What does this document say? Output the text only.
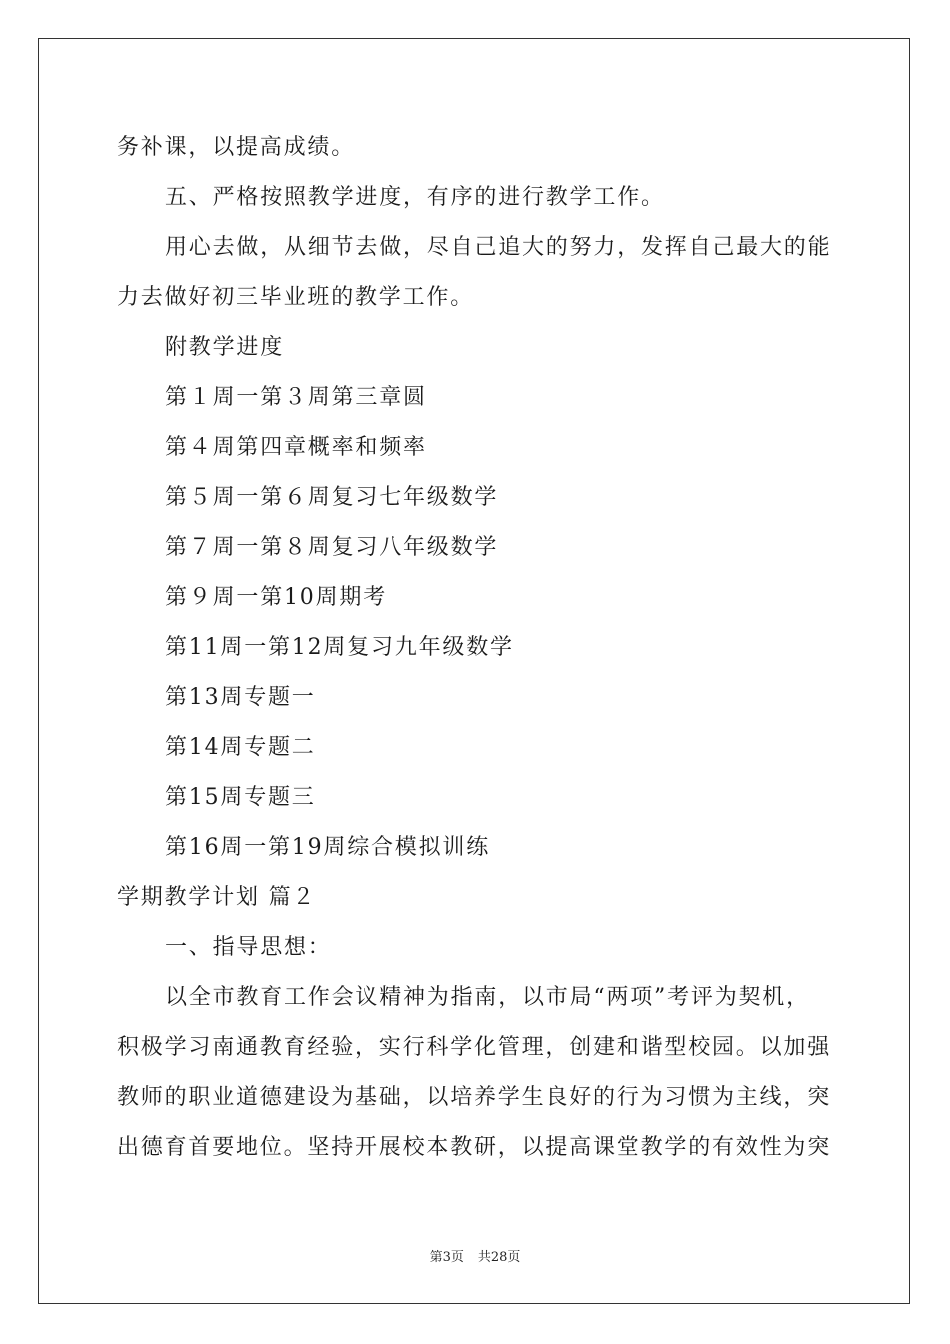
务补课，以提高成绩。
五、严格按照教学进度，有序的进行教学工作。
用心去做，从细节去做，尽自己追大的努力，发挥自己最大的能
力去做好初三毕业班的教学工作。
附教学进度
第１周一第３周第三章圆
第４周第四章概率和频率
第５周一第６周复习七年级数学
第７周一第８周复习八年级数学
第９周一第10周期考
第11周一第12周复习九年级数学
第13周专题一
第14周专题二
第15周专题三
第16周一第19周综合模拟训练
学期教学计划 篇２
一、指导思想：
以全市教育工作会议精神为指南，以市局“两项”考评为契机，
积极学习南通教育经验，实行科学化管理，创建和谐型校园。以加强
教师的职业道德建设为基础，以培养学生良好的行为习惯为主线，突
出德育首要地位。坚持开展校本教研，以提高课堂教学的有效性为突
第3页 共28页
